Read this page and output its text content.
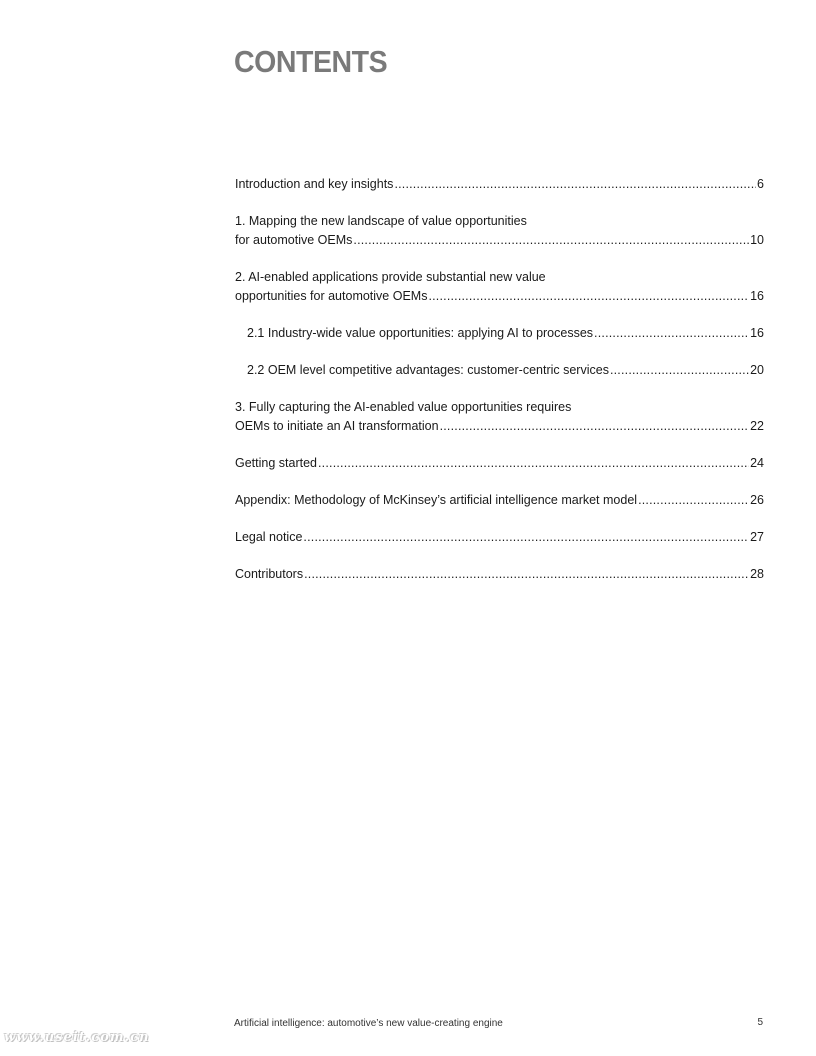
CONTENTS
Introduction and key insights .....	6
1. Mapping the new landscape of value opportunities
for automotive OEMs .....	10
2. AI-enabled applications provide substantial new value
opportunities for automotive OEMs .....	16
2.1 Industry-wide value opportunities: applying AI to processes .....	16
2.2 OEM level competitive advantages: customer-centric services .....	20
3. Fully capturing the AI-enabled value opportunities requires
OEMs to initiate an AI transformation .....	22
Getting started .....	24
Appendix: Methodology of McKinsey’s artificial intelligence market model .....	26
Legal notice .....	27
Contributors .....	28
Artificial intelligence: automotive’s new value-creating engine	5
www.useit.com.cn
